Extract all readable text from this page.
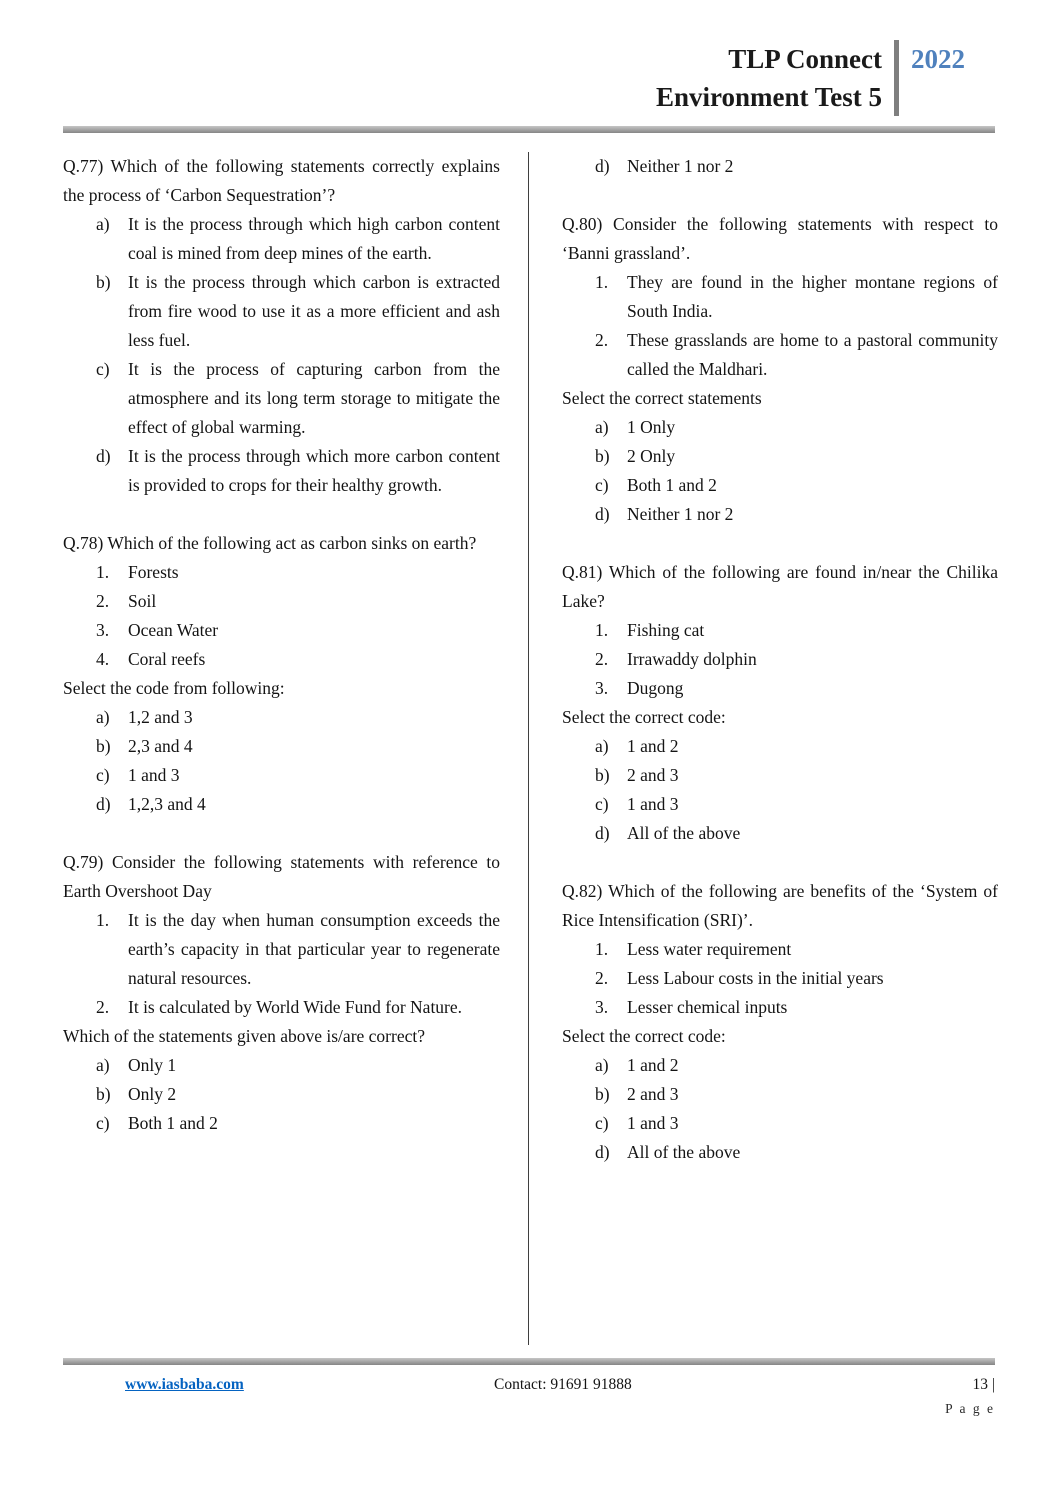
TLP Connect
Environment Test 5
2022

Q.77) Which of the following statements correctly explains the process of ‘Carbon Sequestration’?

a)	It is the process through which high carbon content coal is mined from deep mines of the earth.
b) It is the process through which carbon is extracted from fire wood to use it as a more efficient and ash less fuel.
c)	It is the process of capturing carbon from the atmosphere and its long term storage to mitigate the effect of global warming.
d) It is the process through which more carbon content is provided to crops for their healthy growth.

Q.78) Which of the following act as carbon sinks on earth?

1.	Forests
2.	Soil
3.	Ocean Water
4.	Coral reefs

Select the code from following:

a)	1,2 and 3
b) 2,3 and 4
c)	1 and 3
d) 1,2,3 and 4

Q.79) Consider the following statements with reference to Earth Overshoot Day

1.	It is the day when human consumption exceeds the earth’s capacity in that particular year to regenerate natural resources.
2.	It is calculated by World Wide Fund for Nature.

Which of the statements given above is/are correct?

a)	Only 1
b) Only 2
c)	Both 1 and 2
d) Neither 1 nor 2

Q.80) Consider the following statements with respect to ‘Banni grassland’.

1.	They are found in the higher montane regions of South India.
2.	These grasslands are home to a pastoral community called the Maldhari.

Select the correct statements

a)	1 Only
b) 2 Only
c)	Both 1 and 2
d) Neither 1 nor 2

Q.81) Which of the following are found in/near the Chilika Lake?

1.	Fishing cat
2.	Irrawaddy dolphin
3.	Dugong

Select the correct code:

a)	1 and 2
b) 2 and 3
c)	1 and 3
d) All of the above

Q.82) Which of the following are benefits of the ‘System of Rice Intensification (SRI)’.

1.	Less water requirement
2.	Less Labour costs in the initial years
3.	Lesser chemical inputs

Select the correct code:

a)	1 and 2
b) 2 and 3
c)	1 and 3
d) All of the above
www.iasbaba.com	Contact: 91691 91888	13 |
P a g e
